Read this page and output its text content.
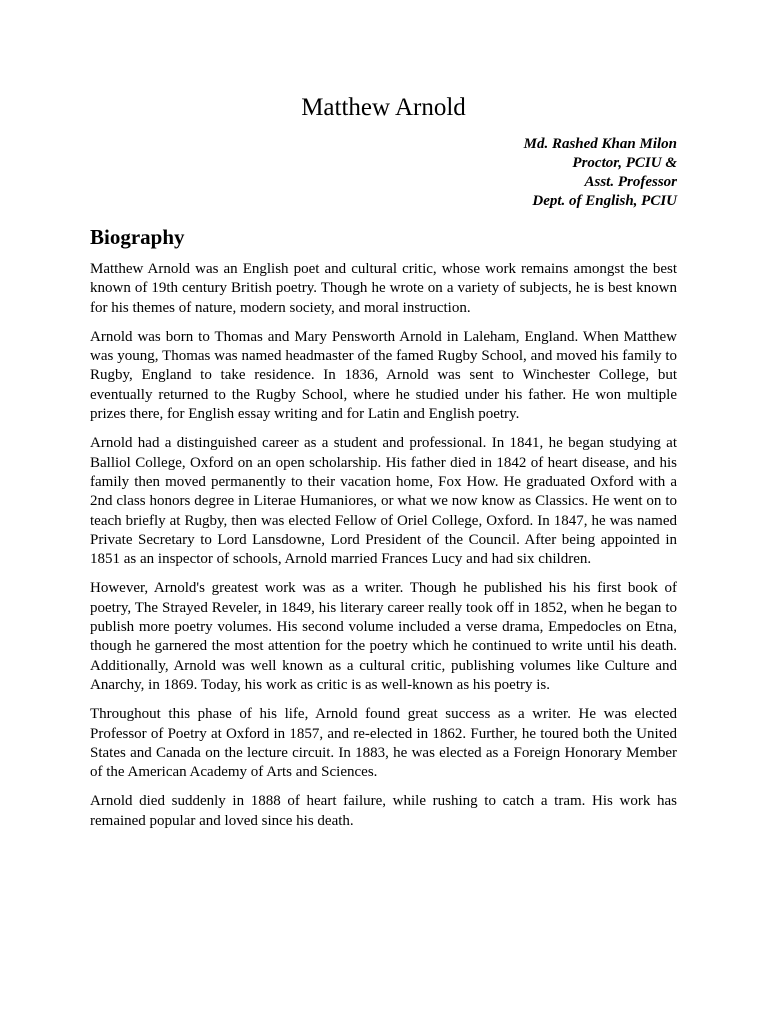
Matthew Arnold
Md. Rashed Khan Milon
Proctor, PCIU &
Asst. Professor
Dept. of English, PCIU
Biography

Matthew Arnold was an English poet and cultural critic, whose work remains amongst the best known of 19th century British poetry. Though he wrote on a variety of subjects, he is best known for his themes of nature, modern society, and moral instruction.

Arnold was born to Thomas and Mary Pensworth Arnold in Laleham, England. When Matthew was young, Thomas was named headmaster of the famed Rugby School, and moved his family to Rugby, England to take residence. In 1836, Arnold was sent to Winchester College, but eventually returned to the Rugby School, where he studied under his father. He won multiple prizes there, for English essay writing and for Latin and English poetry.

Arnold had a distinguished career as a student and professional. In 1841, he began studying at Balliol College, Oxford on an open scholarship. His father died in 1842 of heart disease, and his family then moved permanently to their vacation home, Fox How. He graduated Oxford with a 2nd class honors degree in Literae Humaniores, or what we now know as Classics. He went on to teach briefly at Rugby, then was elected Fellow of Oriel College, Oxford. In 1847, he was named Private Secretary to Lord Lansdowne, Lord President of the Council. After being appointed in 1851 as an inspector of schools, Arnold married Frances Lucy and had six children.

However, Arnold's greatest work was as a writer. Though he published his his first book of poetry, The Strayed Reveler, in 1849, his literary career really took off in 1852, when he began to publish more poetry volumes. His second volume included a verse drama, Empedocles on Etna, though he garnered the most attention for the poetry which he continued to write until his death. Additionally, Arnold was well known as a cultural critic, publishing volumes like Culture and Anarchy, in 1869. Today, his work as critic is as well-known as his poetry is.

Throughout this phase of his life, Arnold found great success as a writer. He was elected Professor of Poetry at Oxford in 1857, and re-elected in 1862. Further, he toured both the United States and Canada on the lecture circuit. In 1883, he was elected as a Foreign Honorary Member of the American Academy of Arts and Sciences.

Arnold died suddenly in 1888 of heart failure, while rushing to catch a tram. His work has remained popular and loved since his death.
